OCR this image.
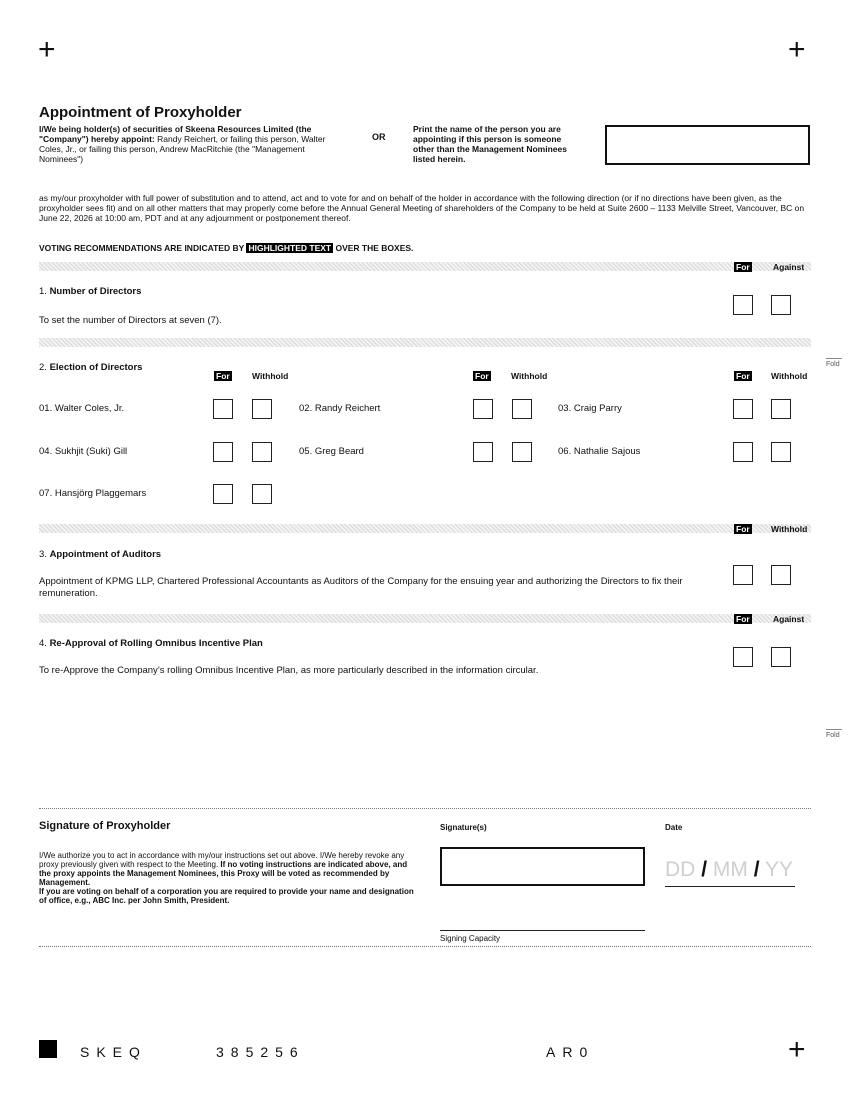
+	+
+
Appointment of Proxyholder
I/We being holder(s) of securities of Skeena Resources Limited (the "Company") hereby appoint: Randy Reichert, or failing this person, Walter Coles, Jr., or failing this person, Andrew MacRitchie (the "Management Nominees")
OR
Print the name of the person you are appointing if this person is someone other than the Management Nominees listed herein.
as my/our proxyholder with full power of substitution and to attend, act and to vote for and on behalf of the holder in accordance with the following direction (or if no directions have been given, as the proxyholder sees fit) and on all other matters that may properly come before the Annual General Meeting of shareholders of the Company to be held at Suite 2600 – 1133 Melville Street, Vancouver, BC on June 22, 2026 at 10:00 am, PDT and at any adjournment or postponement thereof.
VOTING RECOMMENDATIONS ARE INDICATED BY HIGHLIGHTED TEXT OVER THE BOXES.
For	Against
1. Number of Directors
To set the number of Directors at seven (7).
2. Election of Directors
For	Withhold	For	Withhold	For	Withhold
01. Walter Coles, Jr.	02. Randy Reichert	03. Craig Parry
04. Sukhjit (Suki) Gill	05. Greg Beard	06. Nathalie Sajous
07. Hansjörg Plaggemars
For	Withhold
3. Appointment of Auditors
Appointment of KPMG LLP, Chartered Professional Accountants as Auditors of the Company for the ensuing year and authorizing the Directors to fix their remuneration.
For	Against
4. Re-Approval of Rolling Omnibus Incentive Plan
To re-Approve the Company’s rolling Omnibus Incentive Plan, as more particularly described in the information circular.
Fold
Fold
Signature of Proxyholder
I/We authorize you to act in accordance with my/our instructions set out above. I/We hereby revoke any proxy previously given with respect to the Meeting. If no voting instructions are indicated above, and the proxy appoints the Management Nominees, this Proxy will be voted as recommended by Management.
If you are voting on behalf of a corporation you are required to provide your name and designation of office, e.g., ABC Inc. per John Smith, President.
Signature(s)
Signing Capacity
Date
DD / MM / YY
SKEQ	385256	AR0
